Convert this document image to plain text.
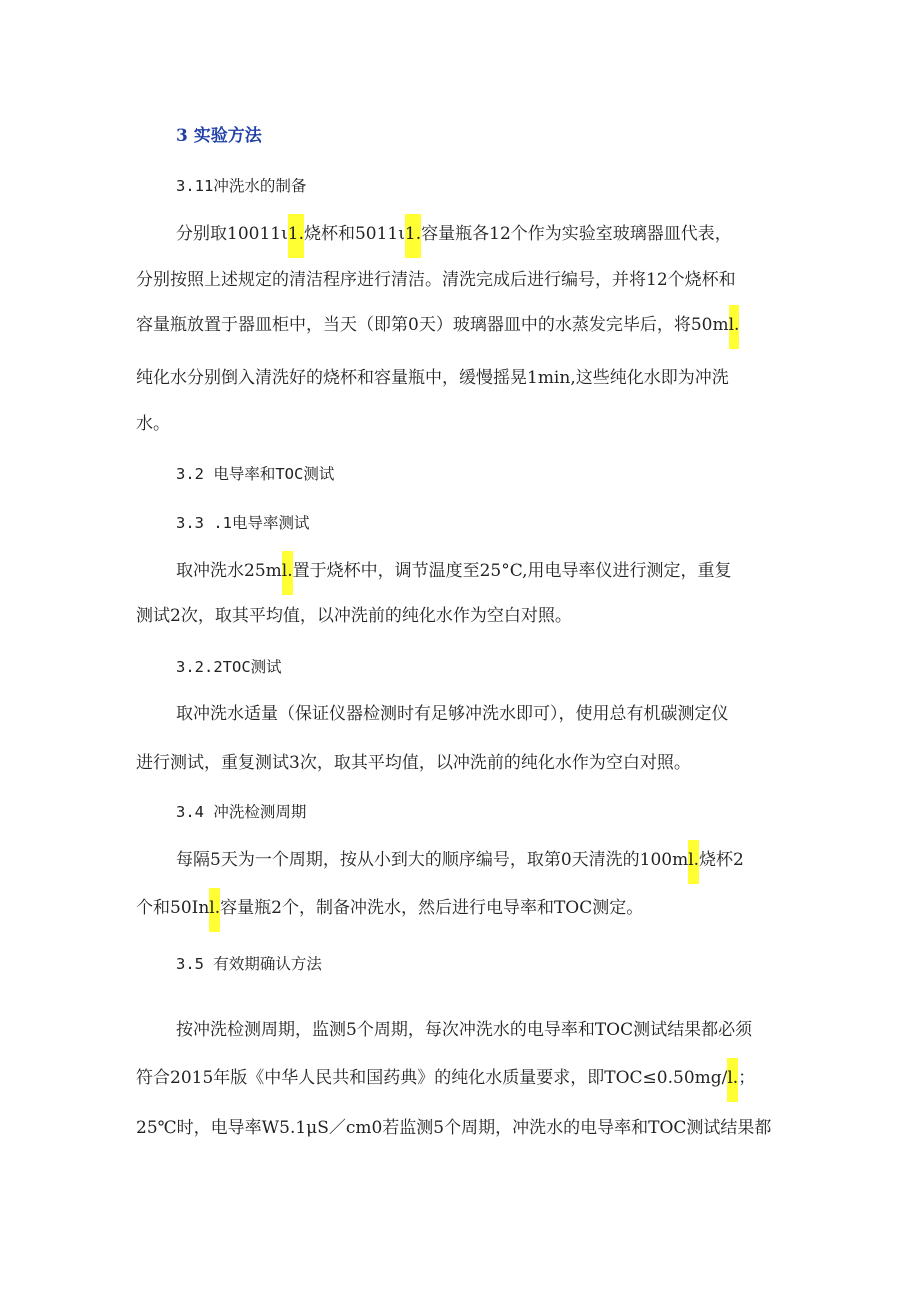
3 实验方法
3.11冲洗水的制备
分别取10011ι1.烧杯和5011ι1.容量瓶各12个作为实验室玻璃器皿代表，
分别按照上述规定的清洁程序进行清洁。清洗完成后进行编号，并将12个烧杯和
容量瓶放置于器皿柜中，当天（即第0天）玻璃器皿中的水蒸发完毕后，将50ml.
纯化水分别倒入清洗好的烧杯和容量瓶中，缓慢摇晃1min,这些纯化水即为冲洗
水。
3.2 电导率和TOC测试
3.3 .1电导率测试
取冲洗水25ml.置于烧杯中，调节温度至25°C,用电导率仪进行测定，重复
测试2次，取其平均值，以冲洗前的纯化水作为空白对照。
3.2.2TOC测试
取冲洗水适量（保证仪器检测时有足够冲洗水即可），使用总有机碳测定仪
进行测试，重复测试3次，取其平均值，以冲洗前的纯化水作为空白对照。
3.4 冲洗检测周期
每隔5天为一个周期，按从小到大的顺序编号，取第0天清洗的100ml.烧杯2
个和50Inl.容量瓶2个，制备冲洗水，然后进行电导率和TOC测定。
3.5 有效期确认方法
按冲洗检测周期，监测5个周期，每次冲洗水的电导率和TOC测试结果都必须
符合2015年版《中华人民共和国药典》的纯化水质量要求，即TOC≤0.50mg/l.；
25℃时，电导率W5.1μS／cm0若监测5个周期，冲洗水的电导率和TOC测试结果都
